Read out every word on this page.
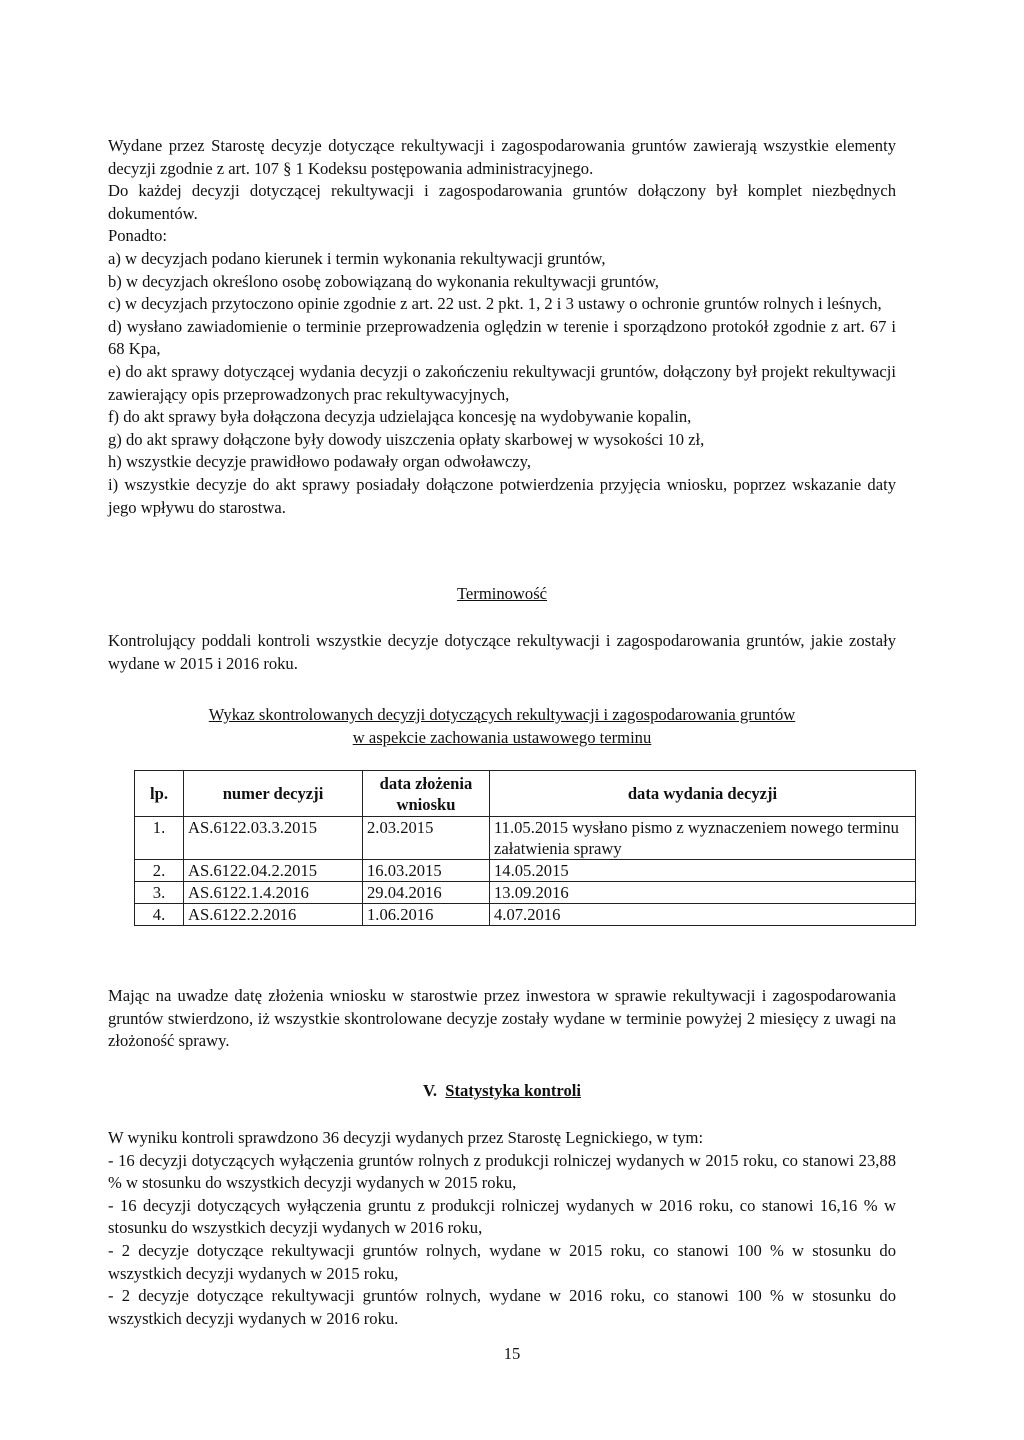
Wydane przez Starostę decyzje dotyczące rekultywacji i zagospodarowania gruntów zawierają wszystkie elementy decyzji zgodnie z art. 107 § 1 Kodeksu postępowania administracyjnego.

Do każdej decyzji dotyczącej rekultywacji i zagospodarowania gruntów dołączony był komplet niezbędnych dokumentów.

Ponadto:

a) w decyzjach podano kierunek i termin wykonania rekultywacji gruntów,

b) w decyzjach określono osobę zobowiązaną do wykonania rekultywacji gruntów,

c) w decyzjach przytoczono opinie zgodnie z art. 22 ust. 2 pkt. 1, 2 i 3 ustawy o ochronie gruntów rolnych i leśnych,

d) wysłano zawiadomienie o terminie przeprowadzenia oględzin w terenie i sporządzono protokół zgodnie z art. 67 i 68 Kpa,

e) do akt sprawy dotyczącej wydania decyzji o zakończeniu rekultywacji gruntów, dołączony był projekt rekultywacji zawierający opis przeprowadzonych prac rekultywacyjnych,

f) do akt sprawy była dołączona decyzja udzielająca koncesję na wydobywanie kopalin,

g) do akt sprawy dołączone były dowody uiszczenia opłaty skarbowej w wysokości 10 zł,

h) wszystkie decyzje prawidłowo podawały organ odwoławczy,

i) wszystkie decyzje do akt sprawy posiadały dołączone potwierdzenia przyjęcia wniosku, poprzez wskazanie daty jego wpływu do starostwa.

Terminowość

Kontrolujący poddali kontroli wszystkie decyzje dotyczące rekultywacji i zagospodarowania gruntów, jakie zostały wydane w 2015 i 2016 roku.

Wykaz skontrolowanych decyzji dotyczących rekultywacji i zagospodarowania gruntów

w aspekcie zachowania ustawowego terminu

lp.	numer decyzji	data złożenia wniosku	data wydania decyzji
1.	AS.6122.03.3.2015	2.03.2015	11.05.2015 wysłano pismo z wyznaczeniem nowego terminu załatwienia sprawy
2.	AS.6122.04.2.2015	16.03.2015	14.05.2015
3.	AS.6122.1.4.2016	29.04.2016	13.09.2016
4.	AS.6122.2.2016	1.06.2016	4.07.2016

Mając na uwadze datę złożenia wniosku w starostwie przez inwestora w sprawie rekultywacji i zagospodarowania gruntów stwierdzono, iż wszystkie skontrolowane decyzje zostały wydane w terminie powyżej 2 miesięcy z uwagi na złożoność sprawy.

V. Statystyka kontroli

W wyniku kontroli sprawdzono 36 decyzji wydanych przez Starostę Legnickiego, w tym:

- 16 decyzji dotyczących wyłączenia gruntów rolnych z produkcji rolniczej wydanych w 2015 roku, co stanowi 23,88 % w stosunku do wszystkich decyzji wydanych w 2015 roku,

- 16 decyzji dotyczących wyłączenia gruntu z produkcji rolniczej wydanych w 2016 roku, co stanowi 16,16 % w stosunku do wszystkich decyzji wydanych w 2016 roku,

- 2 decyzje dotyczące rekultywacji gruntów rolnych, wydane w 2015 roku, co stanowi 100 % w stosunku do wszystkich decyzji wydanych w 2015 roku,

- 2 decyzje dotyczące rekultywacji gruntów rolnych, wydane w 2016 roku, co stanowi 100 % w stosunku do wszystkich decyzji wydanych w 2016 roku.

15
